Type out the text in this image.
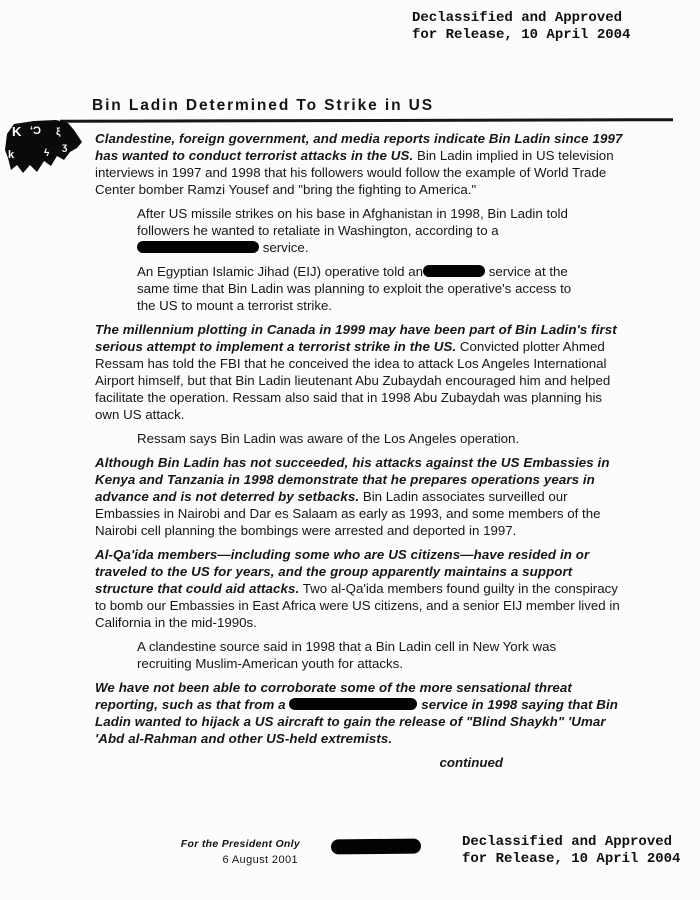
Declassified and Approved
for Release, 10 April 2004
Bin Ladin Determined To Strike in US
K ʻϽ ξ
k	ϟ
ʒ

Clandestine, foreign government, and media reports indicate Bin Ladin since 1997 has wanted to conduct terrorist attacks in the US. Bin Ladin implied in US television interviews in 1997 and 1998 that his followers would follow the example of World Trade Center bomber Ramzi Yousef and "bring the fighting to America."

After US missile strikes on his base in Afghanistan in 1998, Bin Ladin told followers he wanted to retaliate in Washington, according to a  service.

An Egyptian Islamic Jihad (EIJ) operative told an	service at the same time that Bin Ladin was planning to exploit the operative's access to the US to mount a terrorist strike.

The millennium plotting in Canada in 1999 may have been part of Bin Ladin's first serious attempt to implement a terrorist strike in the US. Convicted plotter Ahmed Ressam has told the FBI that he conceived the idea to attack Los Angeles International Airport himself, but that Bin Ladin lieutenant Abu Zubaydah encouraged him and helped facilitate the operation. Ressam also said that in 1998 Abu Zubaydah was planning his own US attack.

Ressam says Bin Ladin was aware of the Los Angeles operation.

Although Bin Ladin has not succeeded, his attacks against the US Embassies in Kenya and Tanzania in 1998 demonstrate that he prepares operations years in advance and is not deterred by setbacks. Bin Ladin associates surveilled our Embassies in Nairobi and Dar es Salaam as early as 1993, and some members of the Nairobi cell planning the bombings were arrested and deported in 1997.

Al-Qa'ida members—including some who are US citizens—have resided in or traveled to the US for years, and the group apparently maintains a support structure that could aid attacks. Two al-Qa'ida members found guilty in the conspiracy to bomb our Embassies in East Africa were US citizens, and a senior EIJ member lived in California in the mid-1990s.

A clandestine source said in 1998 that a Bin Ladin cell in New York was recruiting Muslim-American youth for attacks.

We have not been able to corroborate some of the more sensational threat reporting, such as that from a	service in 1998 saying that Bin Ladin wanted to hijack a US aircraft to gain the release of "Blind Shaykh" 'Umar 'Abd al-Rahman and other US-held extremists.

continued
For the President Only
6 August 2001
Declassified and Approved
for Release, 10 April 2004
